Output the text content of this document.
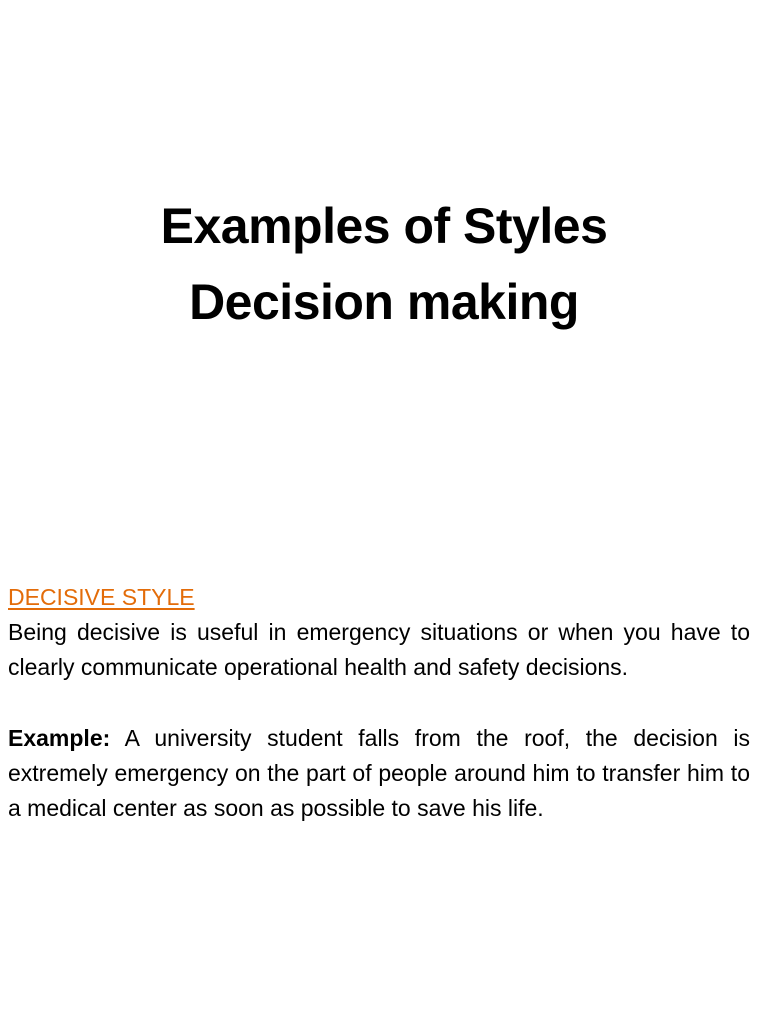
Examples of Styles
Decision making
DECISIVE STYLE

Being decisive is useful in emergency situations or when you have to clearly communicate operational health and safety decisions.

Example: A university student falls from the roof, the decision is extremely emergency on the part of people around him to transfer him to a medical center as soon as possible to save his life.
